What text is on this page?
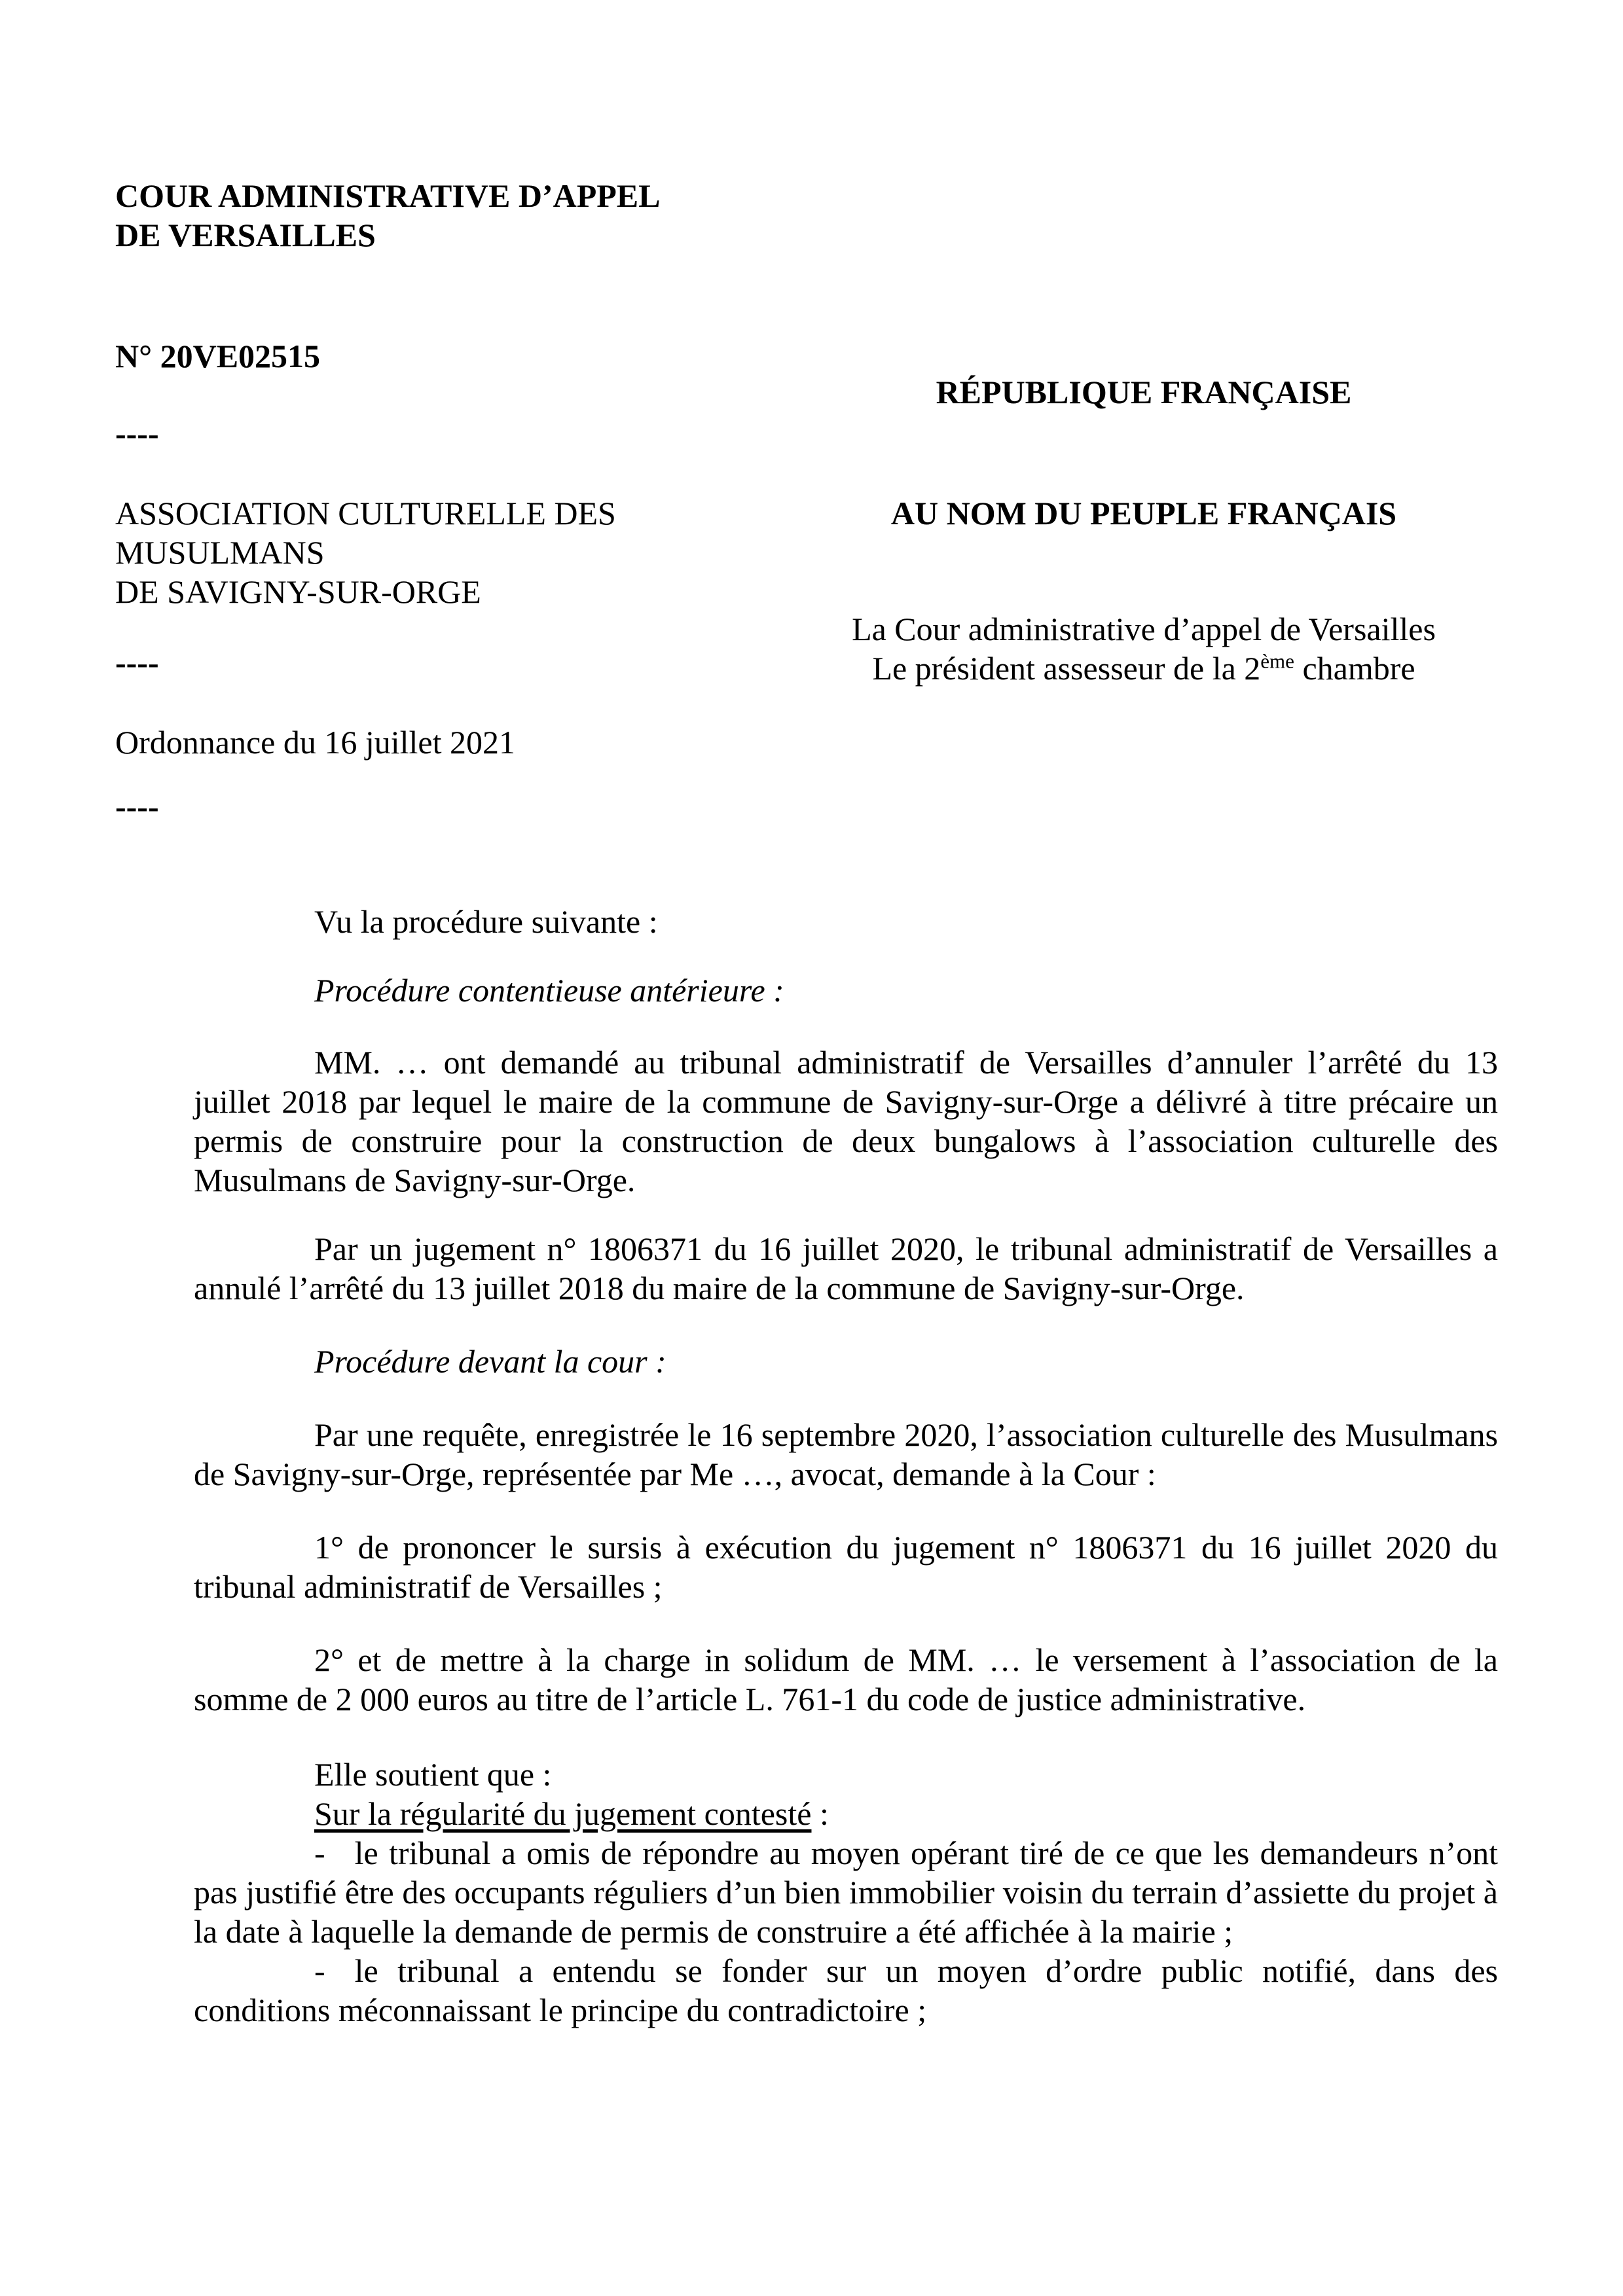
COUR ADMINISTRATIVE D’APPEL
DE VERSAILLES
N° 20VE02515
----
ASSOCIATION CULTURELLE DES
MUSULMANS
DE SAVIGNY-SUR-ORGE
----
Ordonnance du 16 juillet 2021
----
RÉPUBLIQUE FRANÇAISE
AU NOM DU PEUPLE FRANÇAIS
La Cour administrative d’appel de Versailles
Le président assesseur de la 2ème chambre

Vu la procédure suivante :

Procédure contentieuse antérieure :

MM. … ont demandé au tribunal administratif de Versailles d’annuler l’arrêté du 13 juillet 2018 par lequel le maire de la commune de Savigny-sur-Orge a délivré à titre précaire un permis de construire pour la construction de deux bungalows à l’association culturelle des Musulmans de Savigny-sur-Orge.

Par un jugement n° 1806371 du 16 juillet 2020, le tribunal administratif de Versailles a annulé l’arrêté du 13 juillet 2018 du maire de la commune de Savigny-sur-Orge.

Procédure devant la cour :

Par une requête, enregistrée le 16 septembre 2020, l’association culturelle des Musulmans de Savigny-sur-Orge, représentée par Me …, avocat, demande à la Cour :

1° de prononcer le sursis à exécution du jugement n° 1806371 du 16 juillet 2020 du tribunal administratif de Versailles ;

2° et de mettre à la charge in solidum de MM. … le versement à l’association de la somme de 2 000 euros au titre de l’article L. 761-1 du code de justice administrative.

Elle soutient que :

Sur la régularité du jugement contesté :

- le tribunal a omis de répondre au moyen opérant tiré de ce que les demandeurs n’ont pas justifié être des occupants réguliers d’un bien immobilier voisin du terrain d’assiette du projet à la date à laquelle la demande de permis de construire a été affichée à la mairie ;

- le tribunal a entendu se fonder sur un moyen d’ordre public notifié, dans des conditions méconnaissant le principe du contradictoire ;
